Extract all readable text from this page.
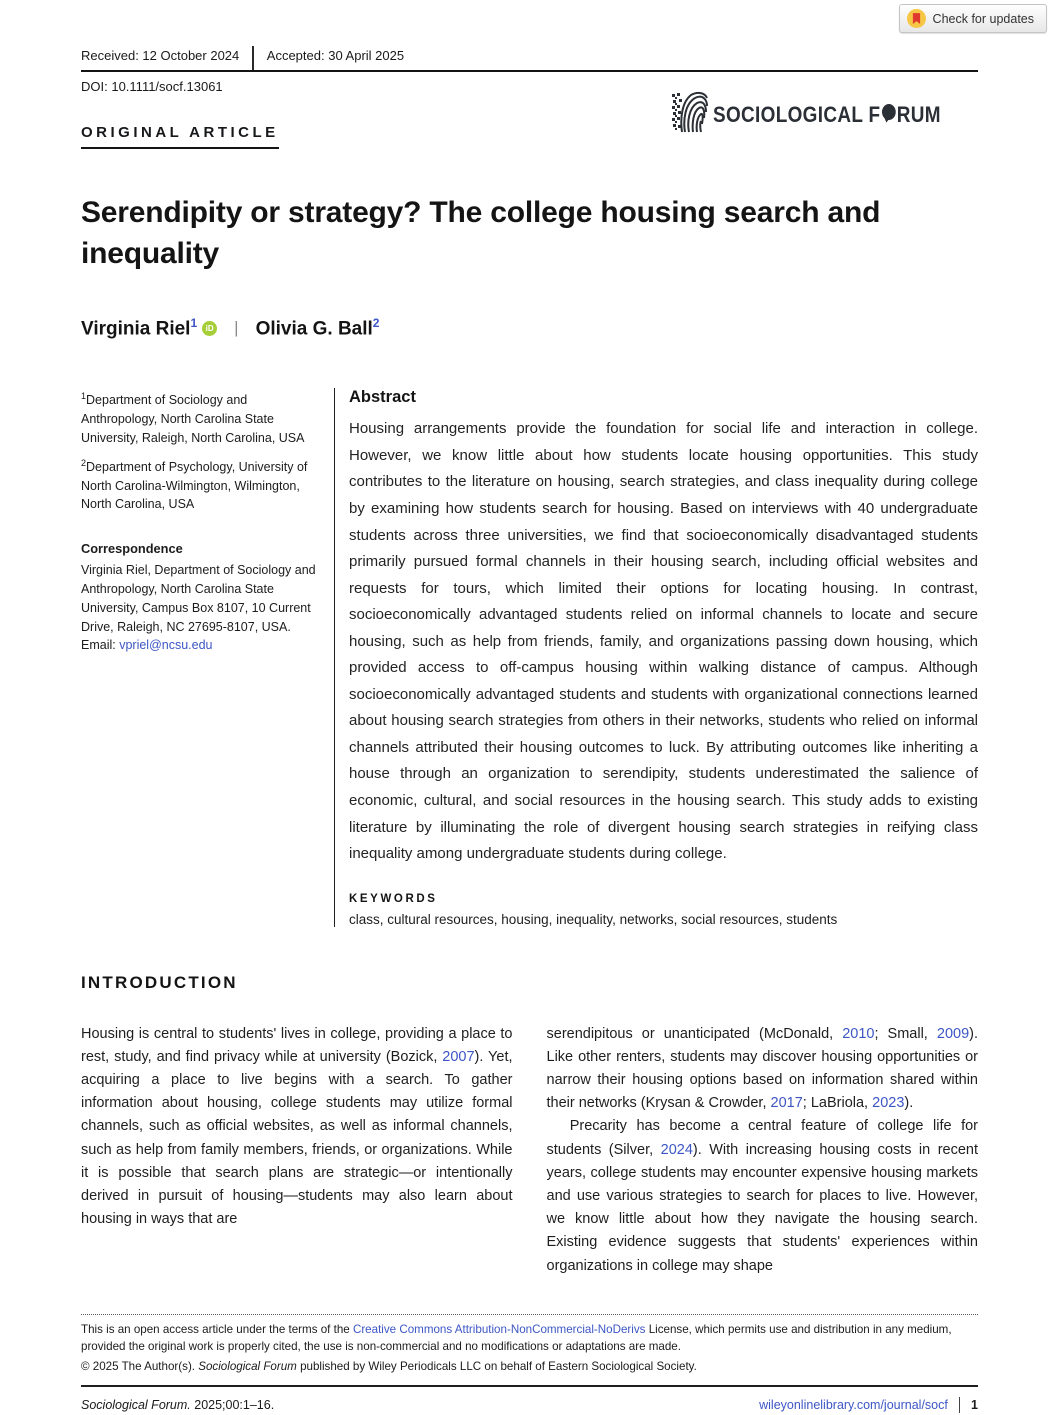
Check for updates
SOCIOLOGICAL F RUM
Received: 12 October 2024 Accepted: 30 April 2025
DOI: 10.1111/socf.13061
ORIGINAL ARTICLE
Serendipity or strategy? The college housing search and inequality
Virginia Riel$^1$	iD | Olivia G. Ball$^2$
$^1$Department of Sociology and Anthropology, North Carolina State University, Raleigh, North Carolina, USA
$^2$Department of Psychology, University of North Carolina-Wilmington, Wilmington, North Carolina, USA
Correspondence
Virginia Riel, Department of Sociology and Anthropology, North Carolina State University, Campus Box 8107, 10 Current Drive, Raleigh, NC 27695-8107, USA.
Email: vpriel@ncsu.edu
Abstract
Housing arrangements provide the foundation for social life and interaction in college. However, we know little about how students locate housing opportunities. This study contributes to the literature on housing, search strategies, and class inequality during college by examining how students search for housing. Based on interviews with 40 undergraduate students across three universities, we find that socioeconomically disadvantaged students primarily pursued formal channels in their housing search, including official websites and requests for tours, which limited their options for locating housing. In contrast, socioeconomically advantaged students relied on informal channels to locate and secure housing, such as help from friends, family, and organizations passing down housing, which provided access to off-campus housing within walking distance of campus. Although socioeconomically advantaged students and students with organizational connections learned about housing search strategies from others in their networks, students who relied on informal channels attributed their housing outcomes to luck. By attributing outcomes like inheriting a house through an organization to serendipity, students underestimated the salience of economic, cultural, and social resources in the housing search. This study adds to existing literature by illuminating the role of divergent housing search strategies in reifying class inequality among undergraduate students during college.
KEYWORDS
class, cultural resources, housing, inequality, networks, social resources, students
INTRODUCTION

Housing is central to students' lives in college, providing a place to rest, study, and find privacy while at university (Bozick, 2007). Yet, acquiring a place to live begins with a search. To gather information about housing, college students may utilize formal channels, such as official websites, as well as informal channels, such as help from family members, friends, or organizations. While it is possible that search plans are strategic—or intentionally derived in pursuit of housing—students may also learn about housing in ways that are

serendipitous or unanticipated (McDonald, 2010; Small, 2009). Like other renters, students may discover housing opportunities or narrow their housing options based on information shared within their networks (Krysan & Crowder, 2017; LaBriola, 2023).

Precarity has become a central feature of college life for students (Silver, 2024). With increasing housing costs in recent years, college students may encounter expensive housing markets and use various strategies to search for places to live. However, we know little about how they navigate the housing search. Existing evidence suggests that students' experiences within organizations in college may shape

This is an open access article under the terms of the Creative Commons Attribution-NonCommercial-NoDerivs License, which permits use and distribution in any medium, provided the original work is properly cited, the use is non-commercial and no modifications or adaptations are made.
© 2025 The Author(s). Sociological Forum published by Wiley Periodicals LLC on behalf of Eastern Sociological Society.
Sociological Forum. 2025;00:1–16.	wileyonlinelibrary.com/journal/socf 1
